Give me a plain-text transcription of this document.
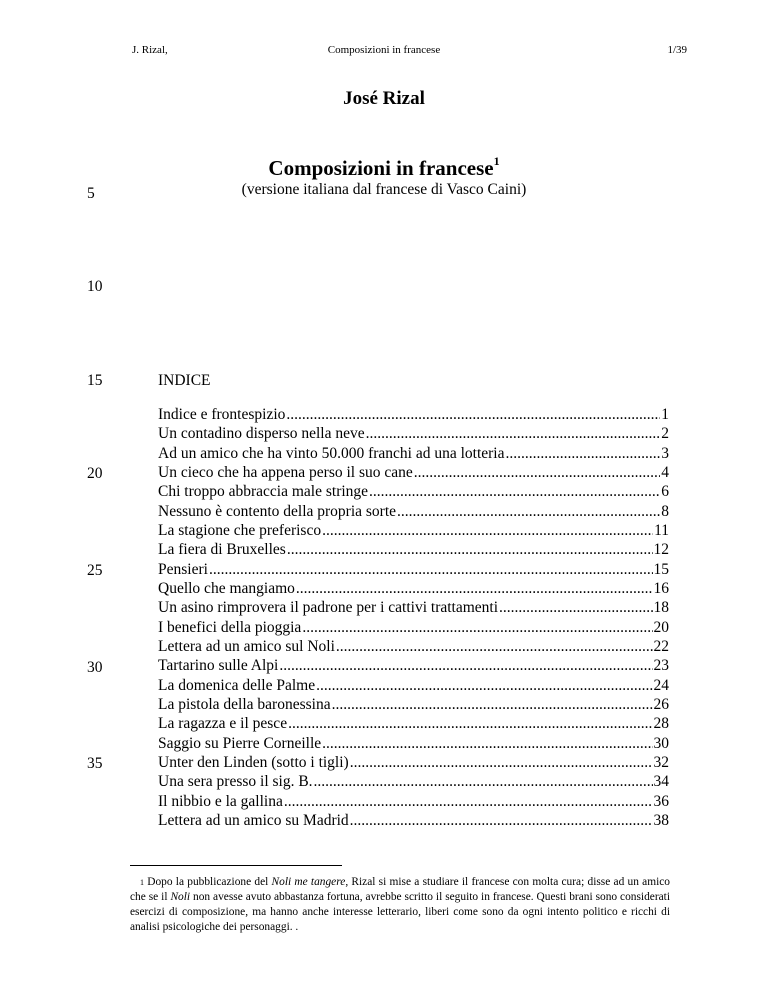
J. Rizal,	Composizioni in francese	1/39
José Rizal
Composizioni in francese$^1$
(versione italiana dal francese di Vasco Caini)
5
10
15
20
25
30
35
INDICE
Indice e frontespizio .....	1
Un contadino disperso nella neve .....	2
Ad un amico che ha vinto 50.000 franchi ad una lotteria .....	3
Un cieco che ha appena perso il suo cane .....	4
Chi troppo abbraccia male stringe .....	6
Nessuno è contento della propria sorte .....	8
La stagione che preferisco .....	11
La fiera di Bruxelles .....	12
Pensieri .....	15
Quello che mangiamo .....	16
Un asino rimprovera il padrone per i cattivi trattamenti .....	18
I benefici della pioggia .....	20
Lettera ad un amico sul Noli .....	22
Tartarino sulle Alpi .....	23
La domenica delle Palme .....	24
La pistola della baronessina .....	26
La ragazza e il pesce .....	28
Saggio su Pierre Corneille .....	30
Unter den Linden (sotto i tigli) .....	32
Una sera presso il sig. B. .....	34
Il nibbio e la gallina .....	36
Lettera ad un amico su Madrid .....	38
$^1$ Dopo la pubblicazione del Noli me tangere, Rizal si mise a studiare il francese con molta cura; disse ad un amico che se il Noli non avesse avuto abbastanza fortuna, avrebbe scritto il seguito in francese. Questi brani sono considerati esercizi di composizione, ma hanno anche interesse letterario, liberi come sono da ogni intento politico e ricchi di analisi psicologiche dei personaggi. .
